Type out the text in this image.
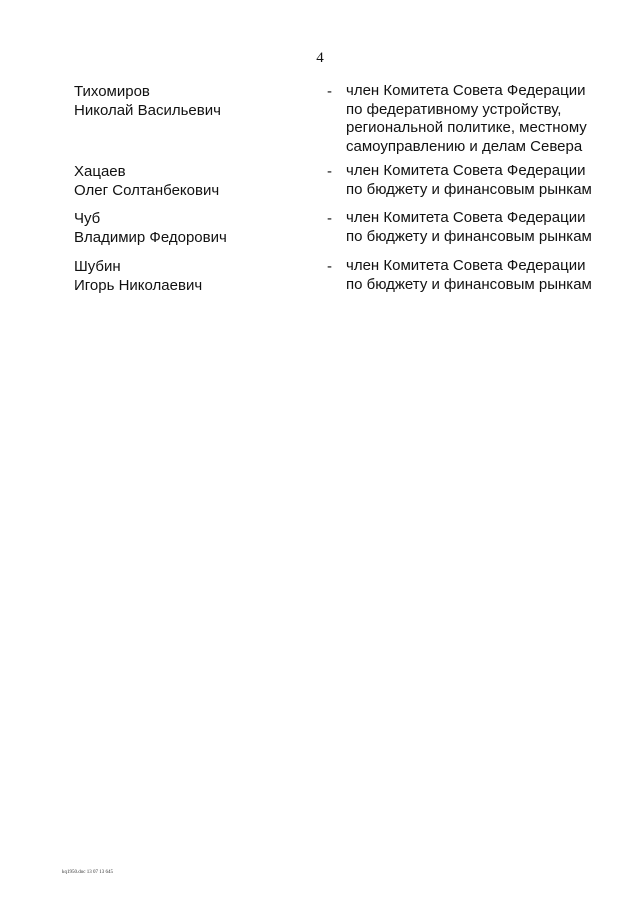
4
Тихомиров
Николай Васильевич
- член Комитета Совета Федерации
по федеративному устройству,
региональной политике, местному
самоуправлению и делам Севера
Хацаев
Олег Солтанбекович
- член Комитета Совета Федерации
по бюджету и финансовым рынкам
Чуб
Владимир Федорович
- член Комитета Совета Федерации
по бюджету и финансовым рынкам
Шубин
Игорь Николаевич
- член Комитета Совета Федерации
по бюджету и финансовым рынкам
kq1950.doc 13 07 13 645
